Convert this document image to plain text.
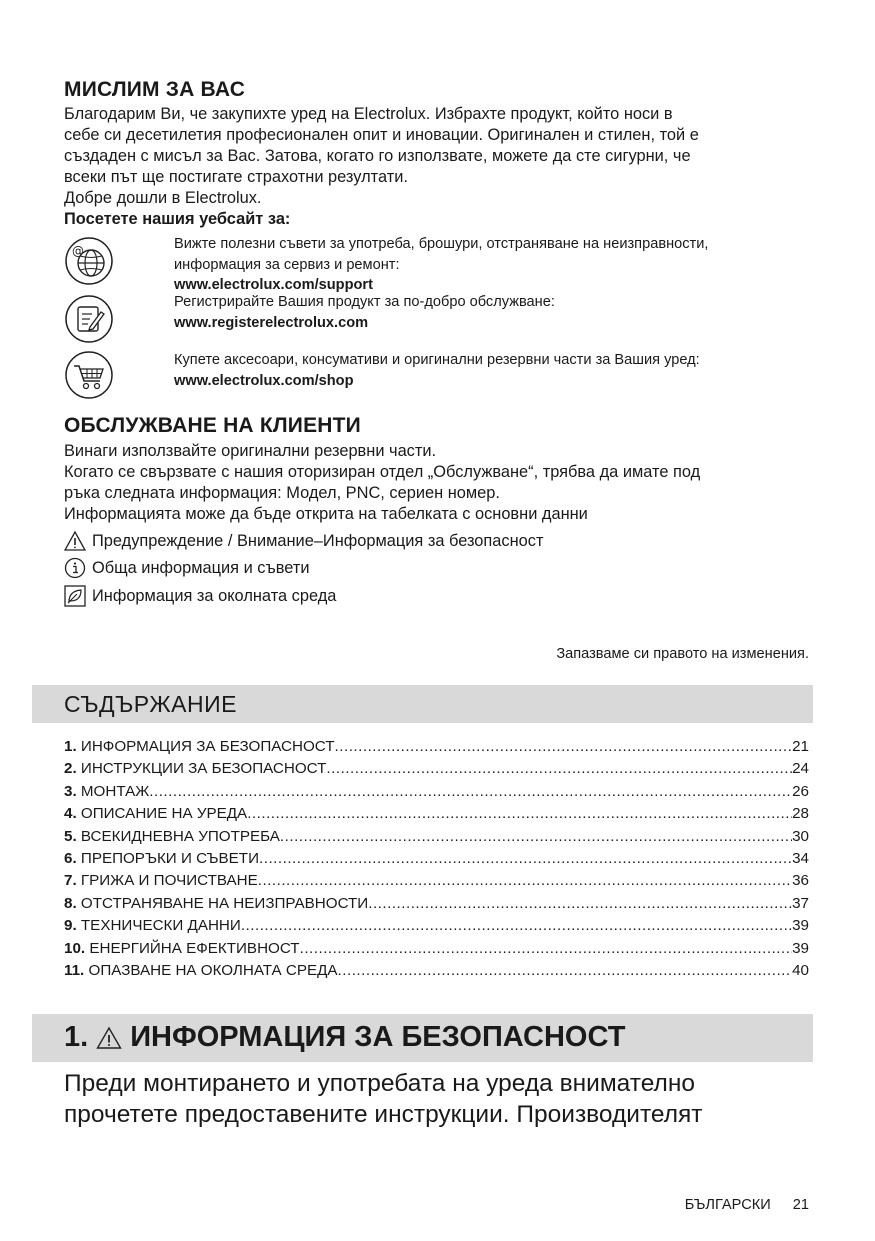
МИСЛИМ ЗА ВАС
Благодарим Ви, че закупихте уред на Electrolux. Избрахте продукт, който носи в
себе си десетилетия професионален опит и иновации. Оригинален и стилен, той е
създаден с мисъл за Вас. Затова, когато го използвате, можете да сте сигурни, че
всеки път ще постигате страхотни резултати.
Добре дошли в Electrolux.
Посетете нашия уебсайт за:
@	Вижте полезни съвети за употреба, брошури, отстраняване на неизправности,
информация за сервиз и ремонт:
www.electrolux.com/support
Регистрирайте Вашия продукт за по-добро обслужване:
www.registerelectrolux.com
Купете аксесоари, консумативи и оригинални резервни части за Вашия уред:
www.electrolux.com/shop
ОБСЛУЖВАНЕ НА КЛИЕНТИ
Винаги използвайте оригинални резервни части.
Когато се свързвате с нашия оторизиран отдел „Обслужване“, трябва да имате под
ръка следната информация: Модел, PNC, сериен номер.
Информацията може да бъде открита на табелката с основни данни
Предупреждение / Внимание–Информация за безопасност
Обща информация и съвети
Информация за околната среда
Запазваме си правото на изменения.
СЪДЪРЖАНИЕ
1. ИНФОРМАЦИЯ ЗА БЕЗОПАСНОСТ .....	21
2. ИНСТРУКЦИИ ЗА БЕЗОПАСНОСТ .....	24
3. МОНТАЖ .....	26
4. ОПИСАНИЕ НА УРЕДА .....	28
5. ВСЕКИДНЕВНА УПОТРЕБА .....	30
6. ПРЕПОРЪКИ И СЪВЕТИ .....	34
7. ГРИЖА И ПОЧИСТВАНЕ .....	36
8. ОТСТРАНЯВАНЕ НА НЕИЗПРАВНОСТИ .....	37
9. ТЕХНИЧЕСКИ ДАННИ .....	39
10. ЕНЕРГИЙНА ЕФЕКТИВНОСТ .....	39
11. ОПАЗВАНЕ НА ОКОЛНАТА СРЕДА .....	40
1. ИНФОРМАЦИЯ ЗА БЕЗОПАСНОСТ
Преди монтирането и употребата на уреда внимателно
прочетете предоставените инструкции. Производителят
БЪЛГАРСКИ 21
